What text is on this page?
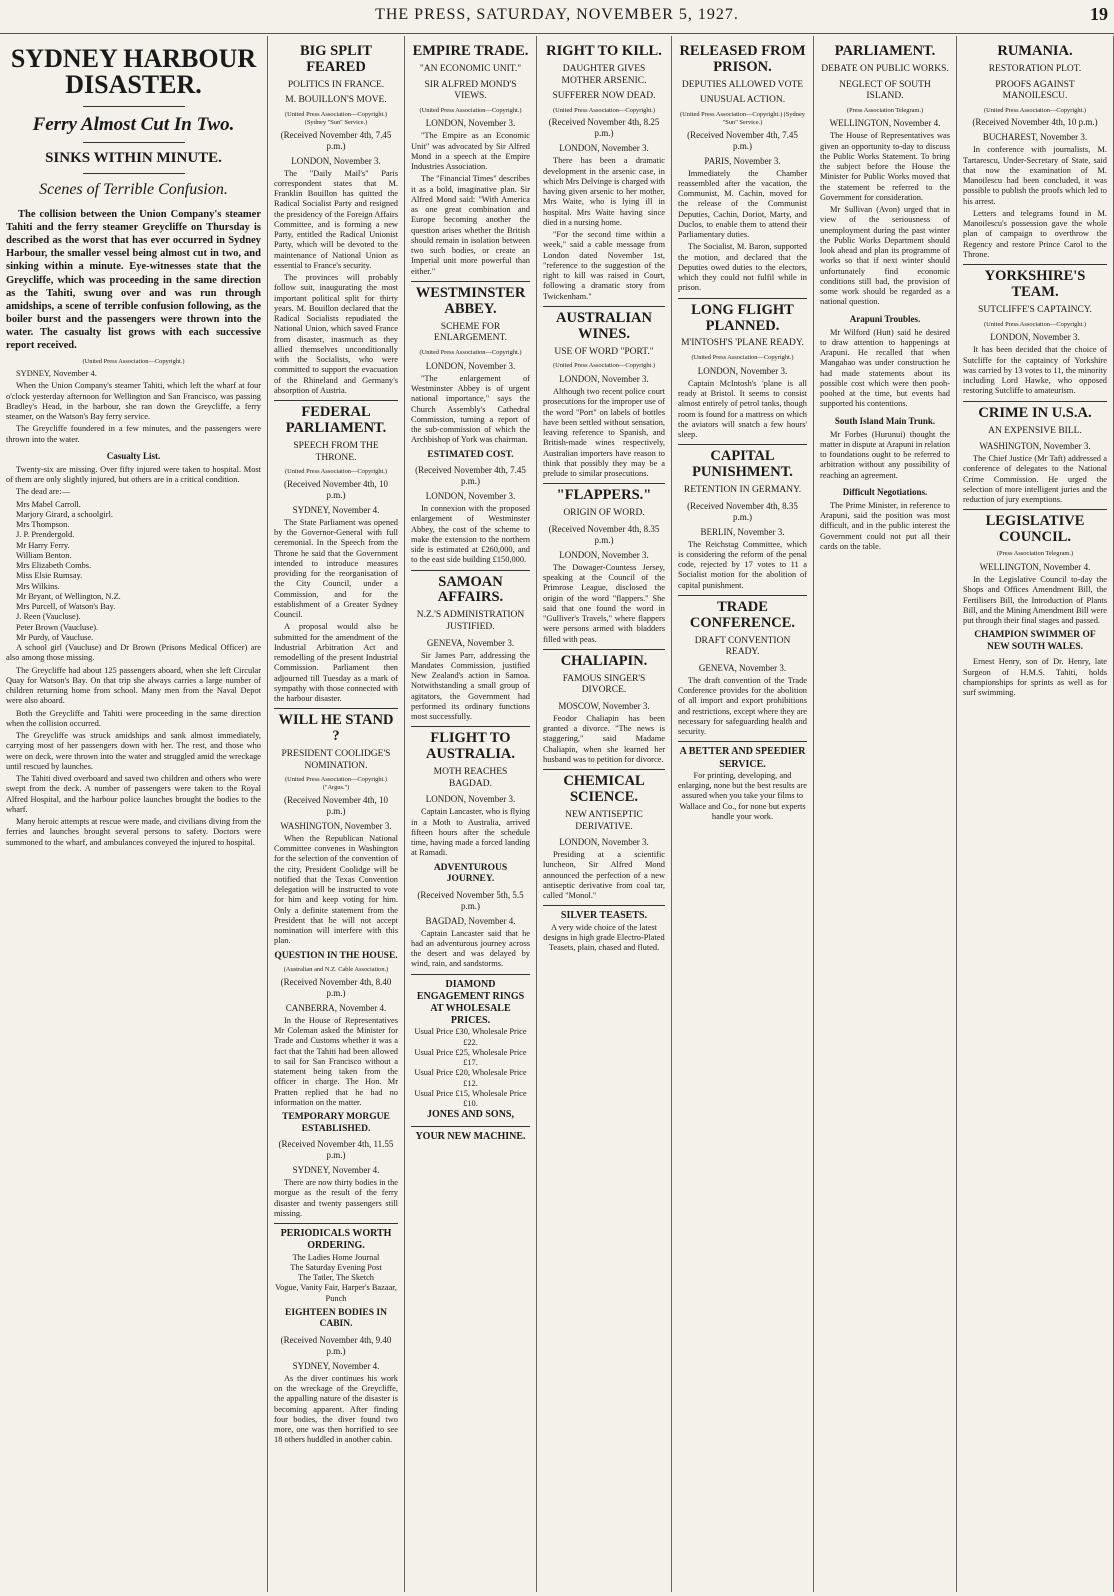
THE PRESS, SATURDAY, NOVEMBER 5, 1927.	19
SYDNEY HARBOUR DISASTER.
Ferry Almost Cut In Two.
SINKS WITHIN MINUTE.
Scenes of Terrible Confusion.

The collision between the Union Company's steamer Tahiti and the ferry steamer Greycliffe on Thursday is described as the worst that has ever occurred in Sydney Harbour, the smaller vessel being almost cut in two, and sinking within a minute. Eye-witnesses state that the Greycliffe, which was proceeding in the same direction as the Tahiti, swung over and was run through amidships, a scene of terrible confusion following, as the boiler burst and the passengers were thrown into the water. The casualty list grows with each successive report received.

(United Press Association—Copyright.)

SYDNEY, November 4.

When the Union Company's steamer Tahiti, which left the wharf at four o'clock yesterday afternoon for Wellington and San Francisco, was passing Bradley's Head, in the harbour, she ran down the Greycliffe, a ferry steamer, on the Watson's Bay ferry service.

The Greycliffe foundered in a few minutes, and the passengers were thrown into the water.

Casualty List.

Twenty-six are missing. Over fifty injured were taken to hospital. Most of them are only slightly injured, but others are in a critical condition.

The dead are:—

Mrs Mabel Carroll.
Marjory Girard, a schoolgirl.
Mrs Thompson.
J. P. Prendergold.
Mr Harry Ferry.
William Benton.
Mrs Elizabeth Combs.
Miss Elsie Rumsay.
Mrs Wilkins.
Mr Bryant, of Wellington, N.Z.
Mrs Purcell, of Watson's Bay.
J. Reen (Vaucluse).
Peter Brown (Vaucluse).
Mr Purdy, of Vaucluse.

A school girl (Vaucluse) and Dr Brown (Prisons Medical Officer) are also among those missing.

The Greycliffe had about 125 passengers aboard, when she left Circular Quay for Watson's Bay. On that trip she always carries a large number of children returning home from school. Many men from the Naval Depot were also aboard.

Both the Greycliffe and Tahiti were proceeding in the same direction when the collision occurred.

The Greycliffe was struck amidships and sank almost immediately, carrying most of her passengers down with her. The rest, and those who were on deck, were thrown into the water and struggled amid the wreckage until rescued by launches.

The Tahiti dived overboard and saved two children and others who were swept from the deck. A number of passengers were taken to the Royal Alfred Hospital, and the harbour police launches brought the bodies to the wharf.

Many heroic attempts at rescue were made, and civilians diving from the ferries and launches brought several persons to safety. Doctors were summoned to the wharf, and ambulances conveyed the injured to hospital.

BIG SPLIT FEARED
POLITICS IN FRANCE.
M. BOUILLON'S MOVE.
(United Press Association—Copyright.) (Sydney "Sun" Service.)
(Received November 4th, 7.45 p.m.)
LONDON, November 3.

The "Daily Mail's" Paris correspondent states that M. Franklin Bouillon has quitted the Radical Socialist Party and resigned the presidency of the Foreign Affairs Committee, and is forming a new Party, entitled the Radical Unionist Party, which will be devoted to the maintenance of National Union as essential to France's security.

The provinces will probably follow suit, inaugurating the most important political split for thirty years. M. Bouillon declared that the Radical Socialists repudiated the National Union, which saved France from disaster, inasmuch as they allied themselves unconditionally with the Socialists, who were committed to support the evacuation of the Rhineland and Germany's absorption of Austria.

FEDERAL PARLIAMENT.
SPEECH FROM THE THRONE.
(United Press Association—Copyright.)
(Received November 4th, 10 p.m.)
SYDNEY, November 4.

The State Parliament was opened by the Governor-General with full ceremonial. In the Speech from the Throne he said that the Government intended to introduce measures providing for the reorganisation of the City Council, under a Commission, and for the establishment of a Greater Sydney Council.

A proposal would also be submitted for the amendment of the Industrial Arbitration Act and remodelling of the present Industrial Commission. Parliament then adjourned till Tuesday as a mark of sympathy with those connected with the harbour disaster.

WILL HE STAND ?
PRESIDENT COOLIDGE'S NOMINATION.
(United Press Association—Copyright.) ("Argus.")
(Received November 4th, 10 p.m.)
WASHINGTON, November 3.

When the Republican National Committee convenes in Washington for the selection of the convention of the city, President Coolidge will be notified that the Texas Convention delegation will be instructed to vote for him and keep voting for him. Only a definite statement from the President that he will not accept nomination will interfere with this plan.

QUESTION IN THE HOUSE.
(Australian and N.Z. Cable Association.)
(Received November 4th, 8.40 p.m.)
CANBERRA, November 4.

In the House of Representatives Mr Coleman asked the Minister for Trade and Customs whether it was a fact that the Tahiti had been allowed to sail for San Francisco without a statement being taken from the officer in charge. The Hon. Mr Pratten replied that he had no information on the matter.

TEMPORARY MORGUE ESTABLISHED.
(Received November 4th, 11.55 p.m.)
SYDNEY, November 4.

There are now thirty bodies in the morgue as the result of the ferry disaster and twenty passengers still missing.

PERIODICALS WORTH ORDERING.
The Ladies Home Journal
The Saturday Evening Post
The Tatler, The Sketch
Vogue, Vanity Fair, Harper's Bazaar, Punch
EIGHTEEN BODIES IN CABIN.
(Received November 4th, 9.40 p.m.)
SYDNEY, November 4.

As the diver continues his work on the wreckage of the Greycliffe, the appalling nature of the disaster is becoming apparent. After finding four bodies, the diver found two more, one was then horrified to see 18 others huddled in another cabin.

EMPIRE TRADE.
"AN ECONOMIC UNIT."
SIR ALFRED MOND'S VIEWS.
(United Press Association—Copyright.)
LONDON, November 3.

"The Empire as an Economic Unit" was advocated by Sir Alfred Mond in a speech at the Empire Industries Association.

The "Financial Times" describes it as a bold, imaginative plan. Sir Alfred Mond said: "With America as one great combination and Europe becoming another the question arises whether the British should remain in isolation between two such bodies, or create an Imperial unit more powerful than either."

WESTMINSTER ABBEY.
SCHEME FOR ENLARGEMENT.
(United Press Association—Copyright.)
LONDON, November 3.

"The enlargement of Westminster Abbey is of urgent national importance," says the Church Assembly's Cathedral Commission, turning a report of the sub-commission of which the Archbishop of York was chairman.

ESTIMATED COST.
(Received November 4th, 7.45 p.m.)
LONDON, November 3.

In connexion with the proposed enlargement of Westminster Abbey, the cost of the scheme to make the extension to the northern side is estimated at £260,000, and to the east side building £150,000.

SAMOAN AFFAIRS.
N.Z.'S ADMINISTRATION JUSTIFIED.
GENEVA, November 3.

Sir James Parr, addressing the Mandates Commission, justified New Zealand's action in Samoa. Notwithstanding a small group of agitators, the Government had performed its ordinary functions most successfully.

FLIGHT TO AUSTRALIA.
MOTH REACHES BAGDAD.
LONDON, November 3.

Captain Lancaster, who is flying in a Moth to Australia, arrived fifteen hours after the schedule time, having made a forced landing at Ramadi.

ADVENTUROUS JOURNEY.
(Received November 5th, 5.5 p.m.)
BAGDAD, November 4.

Captain Lancaster said that he had an adventurous journey across the desert and was delayed by wind, rain, and sandstorms.

DIAMOND ENGAGEMENT RINGS AT WHOLESALE PRICES.
Usual Price £30, Wholesale Price £22.
Usual Price £25, Wholesale Price £17.
Usual Price £20, Wholesale Price £12.
Usual Price £15, Wholesale Price £10.
JONES AND SONS,
YOUR NEW MACHINE.
RIGHT TO KILL.
DAUGHTER GIVES MOTHER ARSENIC.
SUFFERER NOW DEAD.
(United Press Association—Copyright.)
(Received November 4th, 8.25 p.m.)
LONDON, November 3.

There has been a dramatic development in the arsenic case, in which Mrs Delvinge is charged with having given arsenic to her mother, Mrs Waite, who is lying ill in hospital. Mrs Waite having since died in a nursing home.

"For the second time within a week," said a cable message from London dated November 1st, "reference to the suggestion of the right to kill was raised in Court, following a dramatic story from Twickenham."

AUSTRALIAN WINES.
USE OF WORD "PORT."
(United Press Association—Copyright.)
LONDON, November 3.

Although two recent police court prosecutions for the improper use of the word "Port" on labels of bottles have been settled without sensation, leaving reference to Spanish, and British-made wines respectively, Australian importers have reason to think that possibly they may be a prelude to similar prosecutions.

"FLAPPERS."
ORIGIN OF WORD.
(Received November 4th, 8.35 p.m.)
LONDON, November 3.

The Dowager-Countess Jersey, speaking at the Council of the Primrose League, disclosed the origin of the word "flappers." She said that one found the word in "Gulliver's Travels," where flappers were persons armed with bladders filled with peas.

CHALIAPIN.
FAMOUS SINGER'S DIVORCE.
MOSCOW, November 3.

Feodor Chaliapin has been granted a divorce. "The news is staggering," said Madame Chaliapin, when she learned her husband was to petition for divorce.

CHEMICAL SCIENCE.
NEW ANTISEPTIC DERIVATIVE.
LONDON, November 3.

Presiding at a scientific luncheon, Sir Alfred Mond announced the perfection of a new antiseptic derivative from coal tar, called "Monol."

SILVER TEASETS.
A very wide choice of the latest designs in high grade Electro-Plated Teasets, plain, chased and fluted.
RELEASED FROM PRISON.
DEPUTIES ALLOWED VOTE
UNUSUAL ACTION.
(United Press Association—Copyright.) (Sydney "Sun" Service.)
(Received November 4th, 7.45 p.m.)
PARIS, November 3.

Immediately the Chamber reassembled after the vacation, the Communist, M. Cachin, moved for the release of the Communist Deputies, Cachin, Doriot, Marty, and Duclos, to enable them to attend their Parliamentary duties.

The Socialist, M. Baron, supported the motion, and declared that the Deputies owed duties to the electors, which they could not fulfil while in prison.

LONG FLIGHT PLANNED.
M'INTOSH'S 'PLANE READY.
(United Press Association—Copyright.)
LONDON, November 3.

Captain McIntosh's 'plane is all ready at Bristol. It seems to consist almost entirely of petrol tanks, though room is found for a mattress on which the aviators will snatch a few hours' sleep.

CAPITAL PUNISHMENT.
RETENTION IN GERMANY.
(Received November 4th, 8.35 p.m.)
BERLIN, November 3.

The Reichstag Committee, which is considering the reform of the penal code, rejected by 17 votes to 11 a Socialist motion for the abolition of capital punishment.

TRADE CONFERENCE.
DRAFT CONVENTION READY.
GENEVA, November 3.

The draft convention of the Trade Conference provides for the abolition of all import and export prohibitions and restrictions, except where they are necessary for safeguarding health and security.

A BETTER AND SPEEDIER SERVICE.
For printing, developing, and enlarging, none but the best results are assured when you take your films to Wallace and Co., for none but experts handle your work.
PARLIAMENT.
DEBATE ON PUBLIC WORKS.
NEGLECT OF SOUTH ISLAND.
(Press Association Telegram.)
WELLINGTON, November 4.

The House of Representatives was given an opportunity to-day to discuss the Public Works Statement. To bring the subject before the House the Minister for Public Works moved that the statement be referred to the Government for consideration.

Mr Sullivan (Avon) urged that in view of the seriousness of unemployment during the past winter the Public Works Department should look ahead and plan its programme of works so that if next winter should unfortunately find economic conditions still bad, the provision of some work should be regarded as a national question.

Arapuni Troubles.

Mr Wilford (Hutt) said he desired to draw attention to happenings at Arapuni. He recalled that when Mangahao was under construction he had made statements about its possible cost which were then pooh-poohed at the time, but events had supported his contentions.

South Island Main Trunk.

Mr Forbes (Hurunui) thought the matter in dispute at Arapuni in relation to foundations ought to be referred to arbitration without any possibility of reaching an agreement.

Difficult Negotiations.

The Prime Minister, in reference to Arapuni, said the position was most difficult, and in the public interest the Government could not put all their cards on the table.

RUMANIA.
RESTORATION PLOT.
PROOFS AGAINST MANOILESCU.
(United Press Association—Copyright.)
(Received November 4th, 10 p.m.)
BUCHAREST, November 3.

In conference with journalists, M. Tartarescu, Under-Secretary of State, said that now the examination of M. Manoilescu had been concluded, it was possible to publish the proofs which led to his arrest.

Letters and telegrams found in M. Manoilescu's possession gave the whole plan of campaign to overthrow the Regency and restore Prince Carol to the Throne.

YORKSHIRE'S TEAM.
SUTCLIFFE'S CAPTAINCY.
(United Press Association—Copyright.)
LONDON, November 3.

It has been decided that the choice of Sutcliffe for the captaincy of Yorkshire was carried by 13 votes to 11, the minority including Lord Hawke, who opposed restoring Sutcliffe to amateurism.

CRIME IN U.S.A.
AN EXPENSIVE BILL.
WASHINGTON, November 3.

The Chief Justice (Mr Taft) addressed a conference of delegates to the National Crime Commission. He urged the selection of more intelligent juries and the reduction of jury exemptions.

LEGISLATIVE COUNCIL.
(Press Association Telegram.)
WELLINGTON, November 4.

In the Legislative Council to-day the Shops and Offices Amendment Bill, the Fertilisers Bill, the Introduction of Plants Bill, and the Mining Amendment Bill were put through their final stages and passed.

CHAMPION SWIMMER OF NEW SOUTH WALES.

Ernest Henry, son of Dr. Henry, late Surgeon of H.M.S. Tahiti, holds championships for sprints as well as for surf swimming.
